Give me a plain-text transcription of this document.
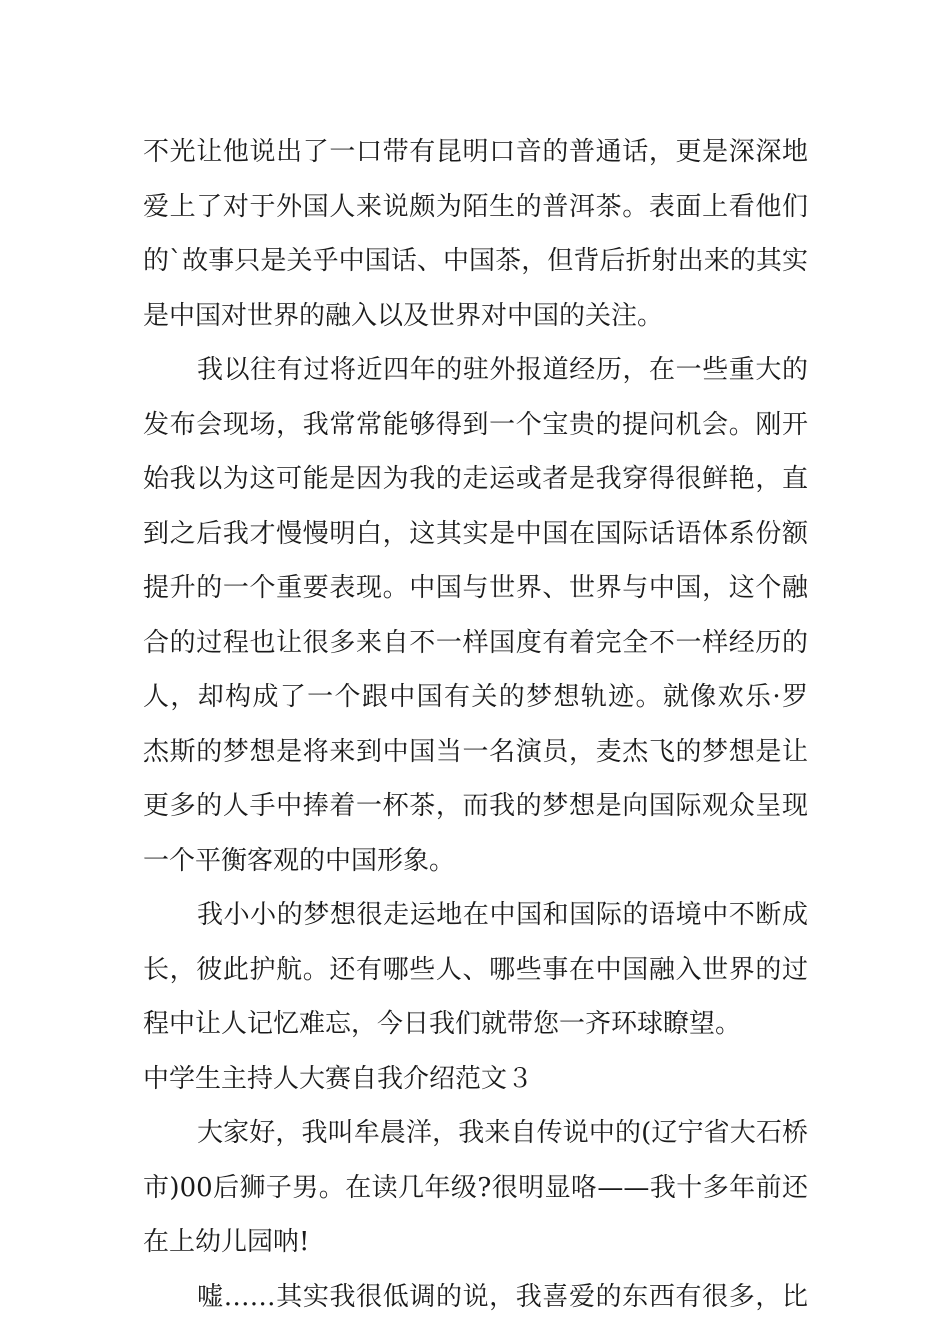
不光让他说出了一口带有昆明口音的普通话，更是深深地
爱上了对于外国人来说颇为陌生的普洱茶。表面上看他们
的`故事只是关乎中国话、中国茶，但背后折射出来的其实
是中国对世界的融入以及世界对中国的关注。
我以往有过将近四年的驻外报道经历，在一些重大的
发布会现场，我常常能够得到一个宝贵的提问机会。刚开
始我以为这可能是因为我的走运或者是我穿得很鲜艳，直
到之后我才慢慢明白，这其实是中国在国际话语体系份额
提升的一个重要表现。中国与世界、世界与中国，这个融
合的过程也让很多来自不一样国度有着完全不一样经历的
人，却构成了一个跟中国有关的梦想轨迹。就像欢乐·罗
杰斯的梦想是将来到中国当一名演员，麦杰飞的梦想是让
更多的人手中捧着一杯茶，而我的梦想是向国际观众呈现
一个平衡客观的中国形象。
我小小的梦想很走运地在中国和国际的语境中不断成
长，彼此护航。还有哪些人、哪些事在中国融入世界的过
程中让人记忆难忘，今日我们就带您一齐环球瞭望。
中学生主持人大赛自我介绍范文３
大家好，我叫牟晨洋，我来自传说中的(辽宁省大石桥
市)00后狮子男。在读几年级?很明显咯——我十多年前还
在上幼儿园呐!
嘘……其实我很低调的说，我喜爱的东西有很多，比
